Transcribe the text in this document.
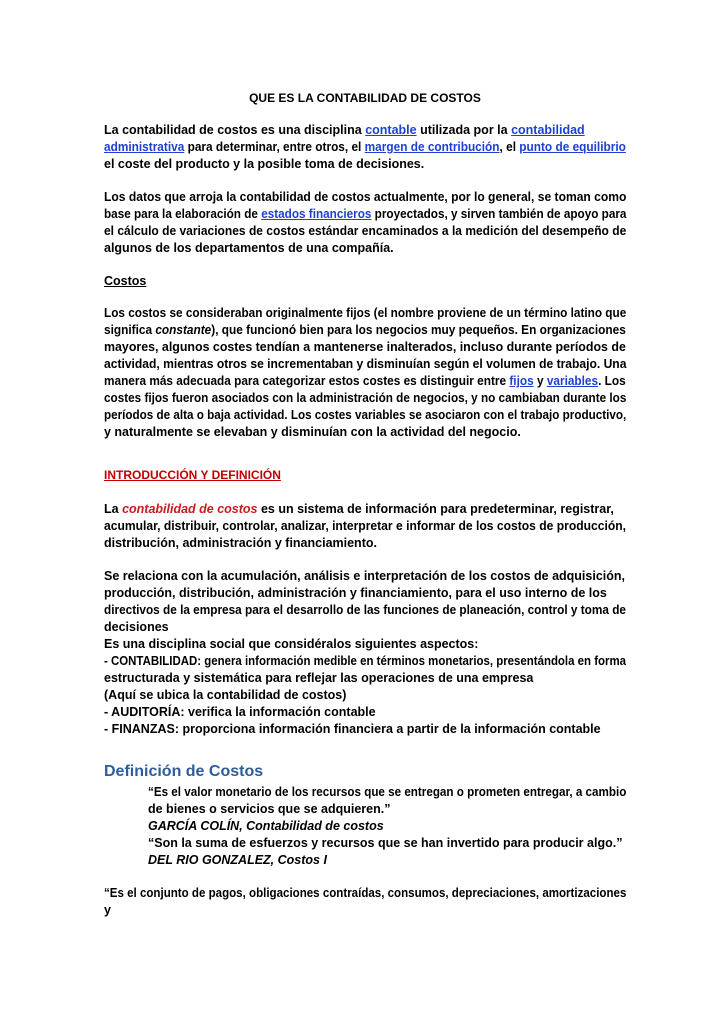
QUE ES LA CONTABILIDAD DE COSTOS
La contabilidad de costos es una disciplina contable utilizada por la contabilidad
administrativa para determinar, entre otros, el margen de contribución, el punto de equilibrio
el coste del producto y la posible toma de decisiones.
Los datos que arroja la contabilidad de costos actualmente, por lo general, se toman como
base para la elaboración de estados financieros proyectados, y sirven también de apoyo para
el cálculo de variaciones de costos estándar encaminados a la medición del desempeño de
algunos de los departamentos de una compañía.
Costos
Los costos se consideraban originalmente fijos (el nombre proviene de un término latino que
significa constante), que funcionó bien para los negocios muy pequeños. En organizaciones
mayores, algunos costes tendían a mantenerse inalterados, incluso durante períodos de
actividad, mientras otros se incrementaban y disminuían según el volumen de trabajo. Una
manera más adecuada para categorizar estos costes es distinguir entre fijos y variables. Los
costes fijos fueron asociados con la administración de negocios, y no cambiaban durante los
períodos de alta o baja actividad. Los costes variables se asociaron con el trabajo productivo,
y naturalmente se elevaban y disminuían con la actividad del negocio.
INTRODUCCIÓN Y DEFINICIÓN
La contabilidad de costos es un sistema de información para predeterminar, registrar,
acumular, distribuir, controlar, analizar, interpretar e informar de los costos de producción,
distribución, administración y financiamiento.
Se relaciona con la acumulación, análisis e interpretación de los costos de adquisición,
producción, distribución, administración y financiamiento, para el uso interno de los
directivos de la empresa para el desarrollo de las funciones de planeación, control y toma de
decisiones
Es una disciplina social que considéralos siguientes aspectos:
- CONTABILIDAD: genera información medible en términos monetarios, presentándola en forma
estructurada y sistemática para reflejar las operaciones de una empresa
(Aquí se ubica la contabilidad de costos)
- AUDITORÍA: verifica la información contable
- FINANZAS: proporciona información financiera a partir de la información contable
Definición de Costos
“Es el valor monetario de los recursos que se entregan o prometen entregar, a cambio
de bienes o servicios que se adquieren.”
GARCÍA COLÍN, Contabilidad de costos
“Son la suma de esfuerzos y recursos que se han invertido para producir algo.”
DEL RIO GONZALEZ, Costos I
“Es el conjunto de pagos, obligaciones contraídas, consumos, depreciaciones, amortizaciones
y
